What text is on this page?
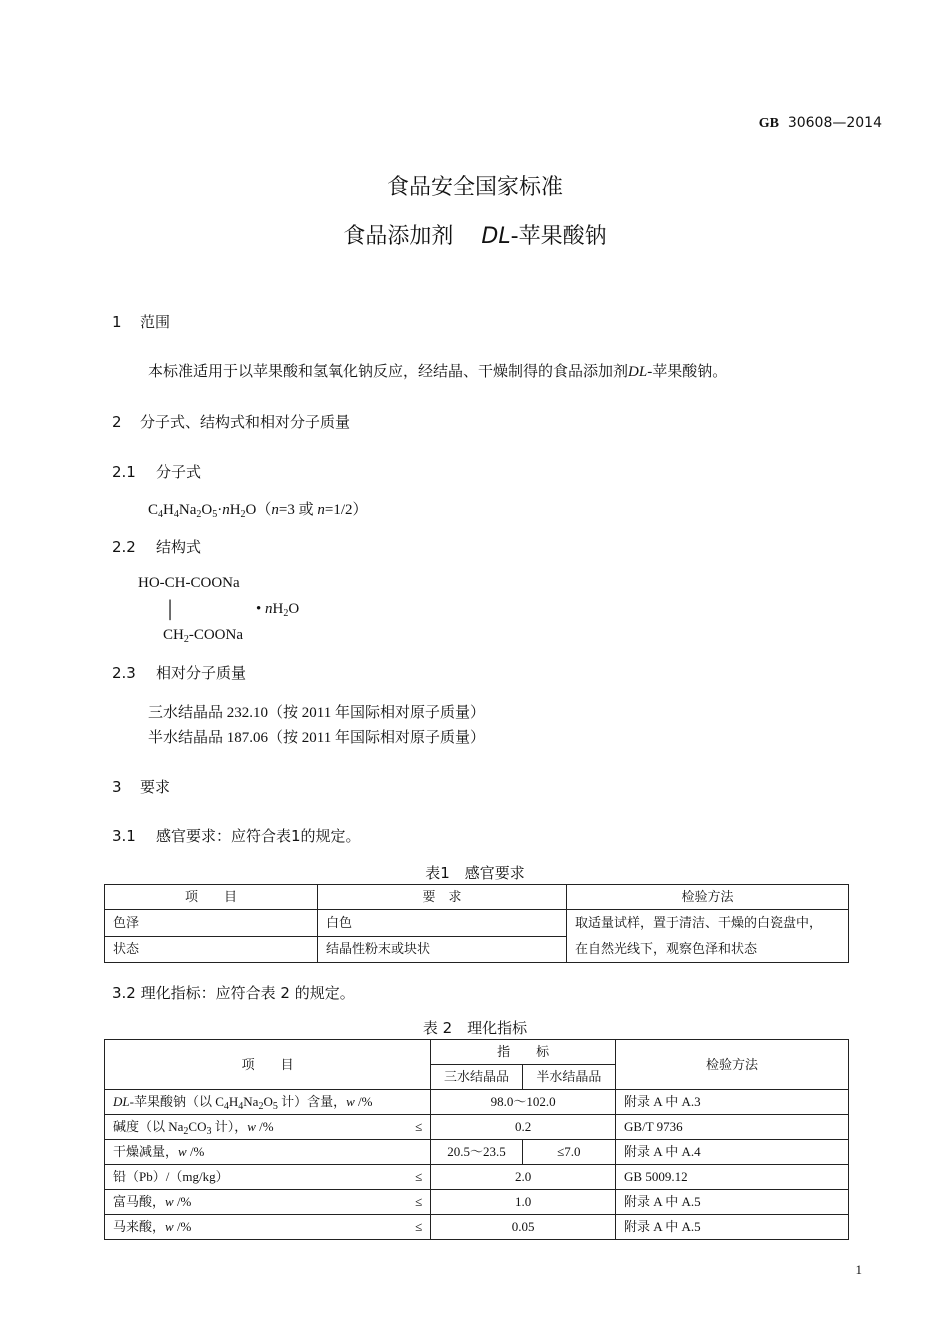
GB 30608—2014
食品安全国家标准
食品添加剂 DL-苹果酸钠
1 范围
本标准适用于以苹果酸和氢氧化钠反应，经结晶、干燥制得的食品添加剂DL-苹果酸钠。
2 分子式、结构式和相对分子质量
2.1 分子式
$C_4H_4Na_2O_5\cdot nH_2O(n=3$ 或 n=1/2）
2.2 结构式
HO-CH-COONa
│	• $nH_2O$
$CH_2$-COONa
2.3 相对分子质量
三水结晶品 232.10（按 2011 年国际相对原子质量）
半水结晶品 187.06（按 2011 年国际相对原子质量）
3 要求
3.1 感官要求：应符合表1的规定。
表1　感官要求
项　　目	要　求	检验方法
色泽	白色	取适量试样，置于清洁、干燥的白瓷盘中，
在自然光线下，观察色泽和状态

状态	结晶性粉末或块状	
3.2 理化指标：应符合表 2 的规定。
表 2　理化指标
项　　目	指　　标		检验方法
	三水结晶品	半水结晶品	
DL-苹果酸钠（以 $C_4H_4Na_2O_5$ 计）含量，w /%	98.0～102.0		附录 A 中 A.3
碱度（以 $Na_2CO_3$ 计），w /% ≤	0.2		GB/T 9736
干燥减量，w /%	20.5～23.5	≤7.0	附录 A 中 A.4
铅（Pb）/（mg/kg） ≤	2.0		GB 5009.12
富马酸，w /% ≤	1.0		附录 A 中 A.5
马来酸，w /% ≤	0.05		附录 A 中 A.5
1
